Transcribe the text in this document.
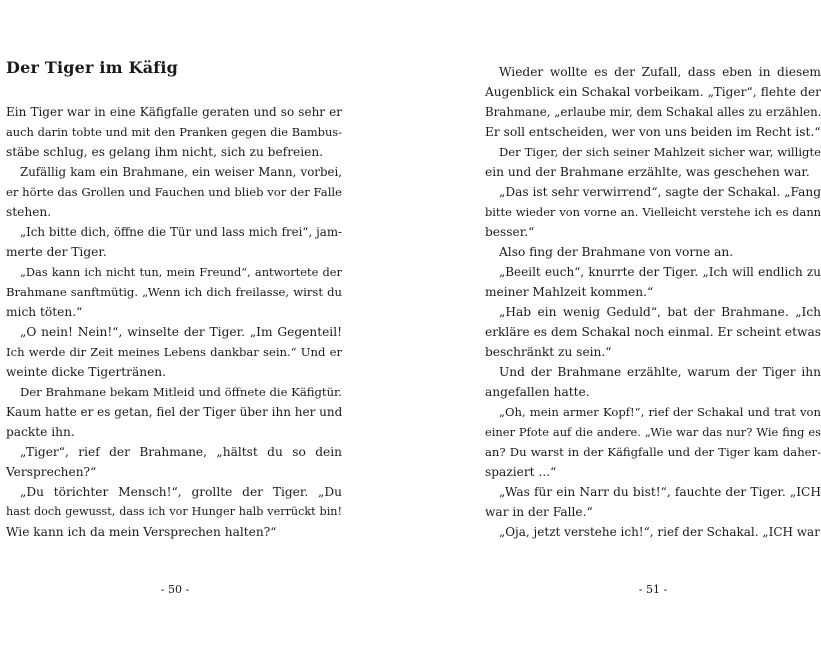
Der Tiger im Käfig
Ein Tiger war in eine Käfigfalle geraten und so sehr er
auch darin tobte und mit den Pranken gegen die Bambus-
stäbe schlug, es gelang ihm nicht, sich zu befreien.
Zufällig kam ein Brahmane, ein weiser Mann, vorbei,
er hörte das Grollen und Fauchen und blieb vor der Falle
stehen.
„Ich bitte dich, öffne die Tür und lass mich frei“, jam-
merte der Tiger.
„Das kann ich nicht tun, mein Freund“, antwortete der
Brahmane sanftmütig. „Wenn ich dich freilasse, wirst du
mich töten.“
„O nein! Nein!“, winselte der Tiger. „Im Gegenteil!
Ich werde dir Zeit meines Lebens dankbar sein.“ Und er
weinte dicke Tigertränen.
Der Brahmane bekam Mitleid und öffnete die Käfigtür.
Kaum hatte er es getan, fiel der Tiger über ihn her und
packte ihn.
„Tiger“, rief der Brahmane, „hältst du so dein
Versprechen?“
„Du törichter Mensch!“, grollte der Tiger. „Du
hast doch gewusst, dass ich vor Hunger halb verrückt bin!
Wie kann ich da mein Versprechen halten?“
- 50 -
Wieder wollte es der Zufall, dass eben in diesem
Augenblick ein Schakal vorbeikam. „Tiger“, flehte der
Brahmane, „erlaube mir, dem Schakal alles zu erzählen.
Er soll entscheiden, wer von uns beiden im Recht ist.“
Der Tiger, der sich seiner Mahlzeit sicher war, willigte
ein und der Brahmane erzählte, was geschehen war.
„Das ist sehr verwirrend“, sagte der Schakal. „Fang
bitte wieder von vorne an. Vielleicht verstehe ich es dann
besser.“
Also fing der Brahmane von vorne an.
„Beeilt euch“, knurrte der Tiger. „Ich will endlich zu
meiner Mahlzeit kommen.“
„Hab ein wenig Geduld“, bat der Brahmane. „Ich
erkläre es dem Schakal noch einmal. Er scheint etwas
beschränkt zu sein.“
Und der Brahmane erzählte, warum der Tiger ihn
angefallen hatte.
„Oh, mein armer Kopf!“, rief der Schakal und trat von
einer Pfote auf die andere. „Wie war das nur? Wie fing es
an? Du warst in der Käfigfalle und der Tiger kam daher-
spaziert ...“
„Was für ein Narr du bist!“, fauchte der Tiger. „ICH
war in der Falle.“
„Oja, jetzt verstehe ich!“, rief der Schakal. „ICH war
- 51 -
